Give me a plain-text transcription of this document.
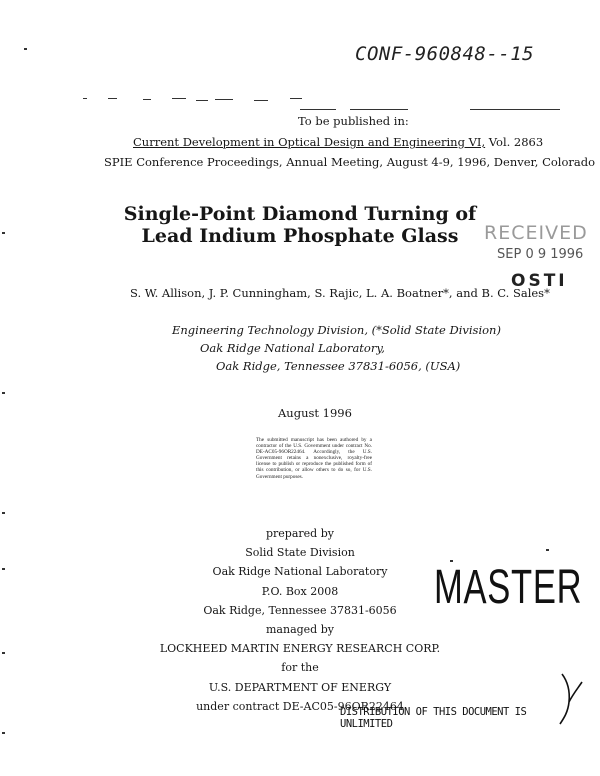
CONF-960848--15
To be published in:
Current Development in Optical Design and Engineering VI, Vol. 2863
SPIE Conference Proceedings, Annual Meeting, August 4-9, 1996, Denver, Colorado
Single-Point Diamond Turning of
Lead Indium Phosphate Glass	RECEIVED
SEP 0 9 1996
OSTI
S. W. Allison, J. P. Cunningham, S. Rajic, L. A. Boatner*, and B. C. Sales*
Engineering Technology Division, (*Solid State Division)
Oak Ridge National Laboratory,
Oak Ridge, Tennessee 37831-6056, (USA)
August 1996
The submitted manuscript has been authored by a contractor of the U.S. Government under contract No. DE-AC05-96OR22464. Accordingly, the U.S. Government retains a nonexclusive, royalty-free license to publish or reproduce the published form of this contribution, or allow others to do so, for U.S. Government purposes.
prepared by
Solid State Division
Oak Ridge National Laboratory
P.O. Box 2008
Oak Ridge, Tennessee 37831-6056
managed by
LOCKHEED MARTIN ENERGY RESEARCH CORP.
for the
U.S. DEPARTMENT OF ENERGY
under contract DE-AC05-96OR22464
MASTER
DISTRIBUTION OF THIS DOCUMENT IS UNLIMITED
